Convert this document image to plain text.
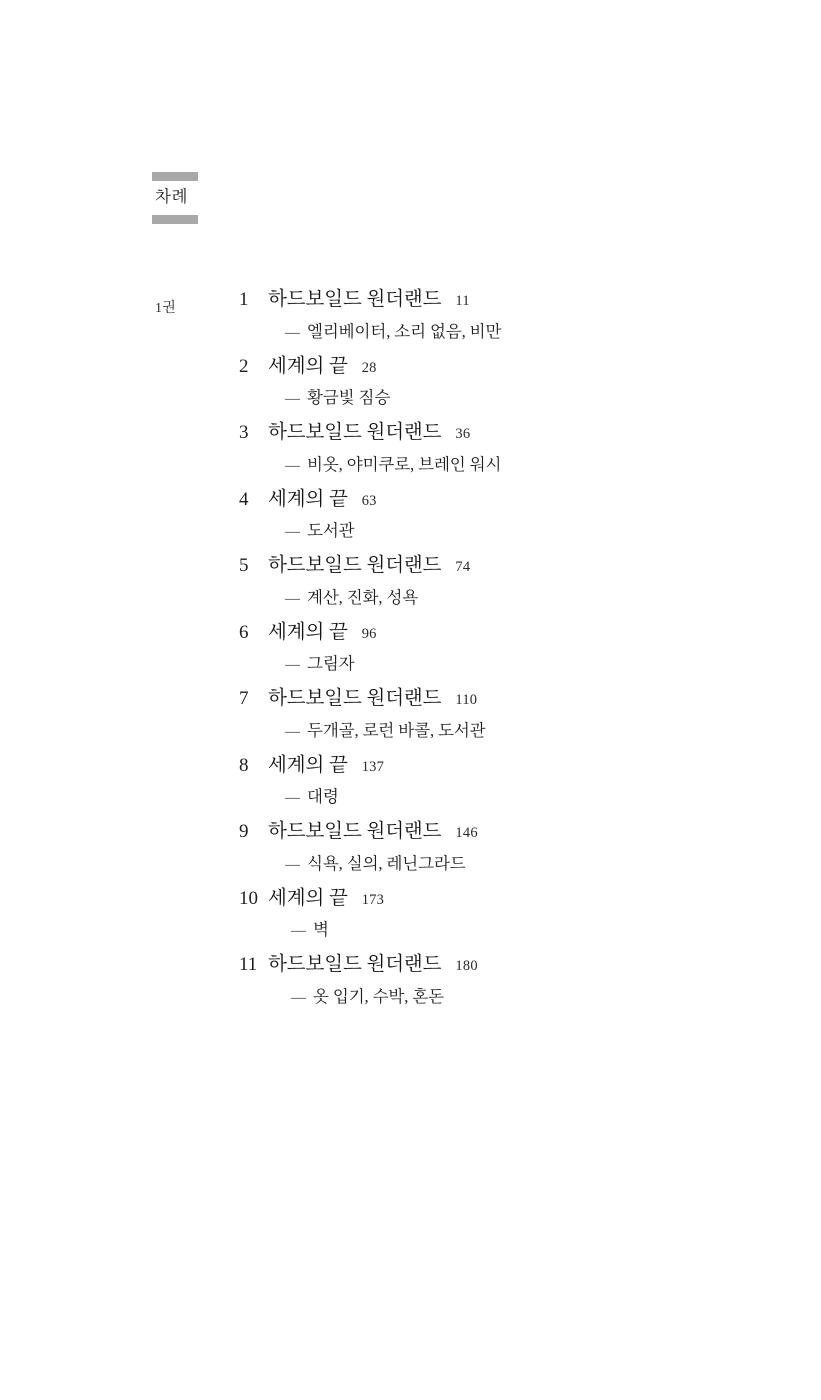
차례
1권	1	하드보일드 원더랜드 11
— 엘리베이터, 소리 없음, 비만
2	세계의 끝 28
— 황금빛 짐승
3	하드보일드 원더랜드 36
— 비옷, 야미쿠로, 브레인 워시
4	세계의 끝 63
— 도서관
5	하드보일드 원더랜드 74
— 계산, 진화, 성욕
6	세계의 끝 96
— 그림자
7	하드보일드 원더랜드 110
— 두개골, 로런 바콜, 도서관
8	세계의 끝 137
— 대령
9	하드보일드 원더랜드 146
— 식욕, 실의, 레닌그라드
10 세계의 끝 173
— 벽
11 하드보일드 원더랜드 180
— 옷 입기, 수박, 혼돈
